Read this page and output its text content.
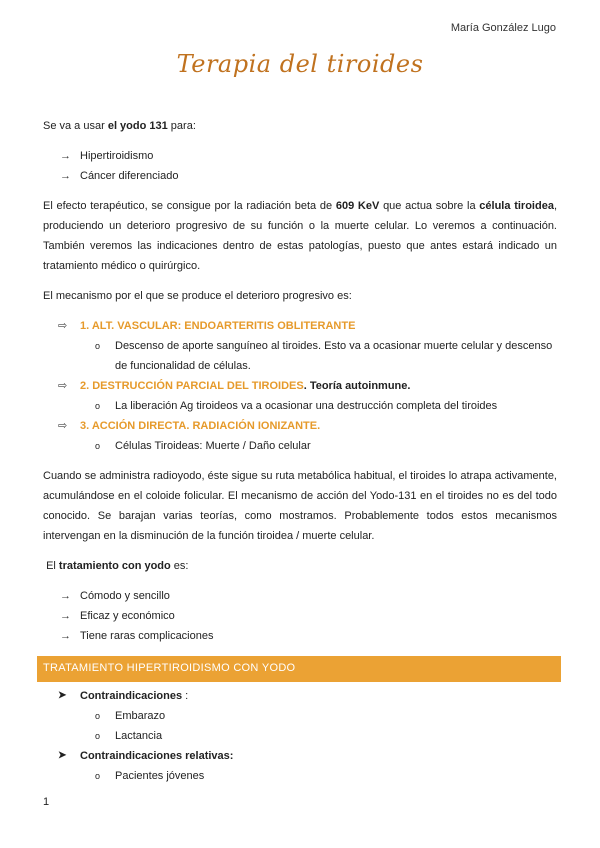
María González Lugo
Terapia del tiroides

Se va a usar el yodo 131 para:

→ Hipertiroidismo
→ Cáncer diferenciado

El efecto terapéutico, se consigue por la radiación beta de 609 KeV que actua sobre la célula tiroidea, produciendo un deterioro progresivo de su función o la muerte celular. Lo veremos a continuación. También veremos las indicaciones dentro de estas patologías, puesto que antes estará indicado un tratamiento médico o quirúrgico.

El mecanismo por el que se produce el deterioro progresivo es:

⇨	1. ALT. VASCULAR: ENDOARTERITIS OBLITERANTE
o	Descenso de aporte sanguíneo al tiroides. Esto va a ocasionar muerte celular y descenso de funcionalidad de células.
⇨	2. DESTRUCCIÓN PARCIAL DEL TIROIDES. Teoría autoinmune.
o	La liberación Ag tiroideos va a ocasionar una destrucción completa del tiroides
⇨	3. ACCIÓN DIRECTA. RADIACIÓN IONIZANTE.
o	Células Tiroideas: Muerte / Daño celular

Cuando se administra radioyodo, éste sigue su ruta metabólica habitual, el tiroides lo atrapa activamente, acumulándose en el coloide folicular. El mecanismo de acción del Yodo-131 en el tiroides no es del todo conocido. Se barajan varias teorías, como mostramos. Probablemente todos estos mecanismos intervengan en la disminución de la función tiroidea / muerte celular.

El tratamiento con yodo es:

→ Cómodo y sencillo
→ Eficaz y económico
→ Tiene raras complicaciones
TRATAMIENTO HIPERTIROIDISMO CON YODO
➤	Contraindicaciones :
o	Embarazo
o	Lactancia
➤	Contraindicaciones relativas:
o	Pacientes jóvenes
1
